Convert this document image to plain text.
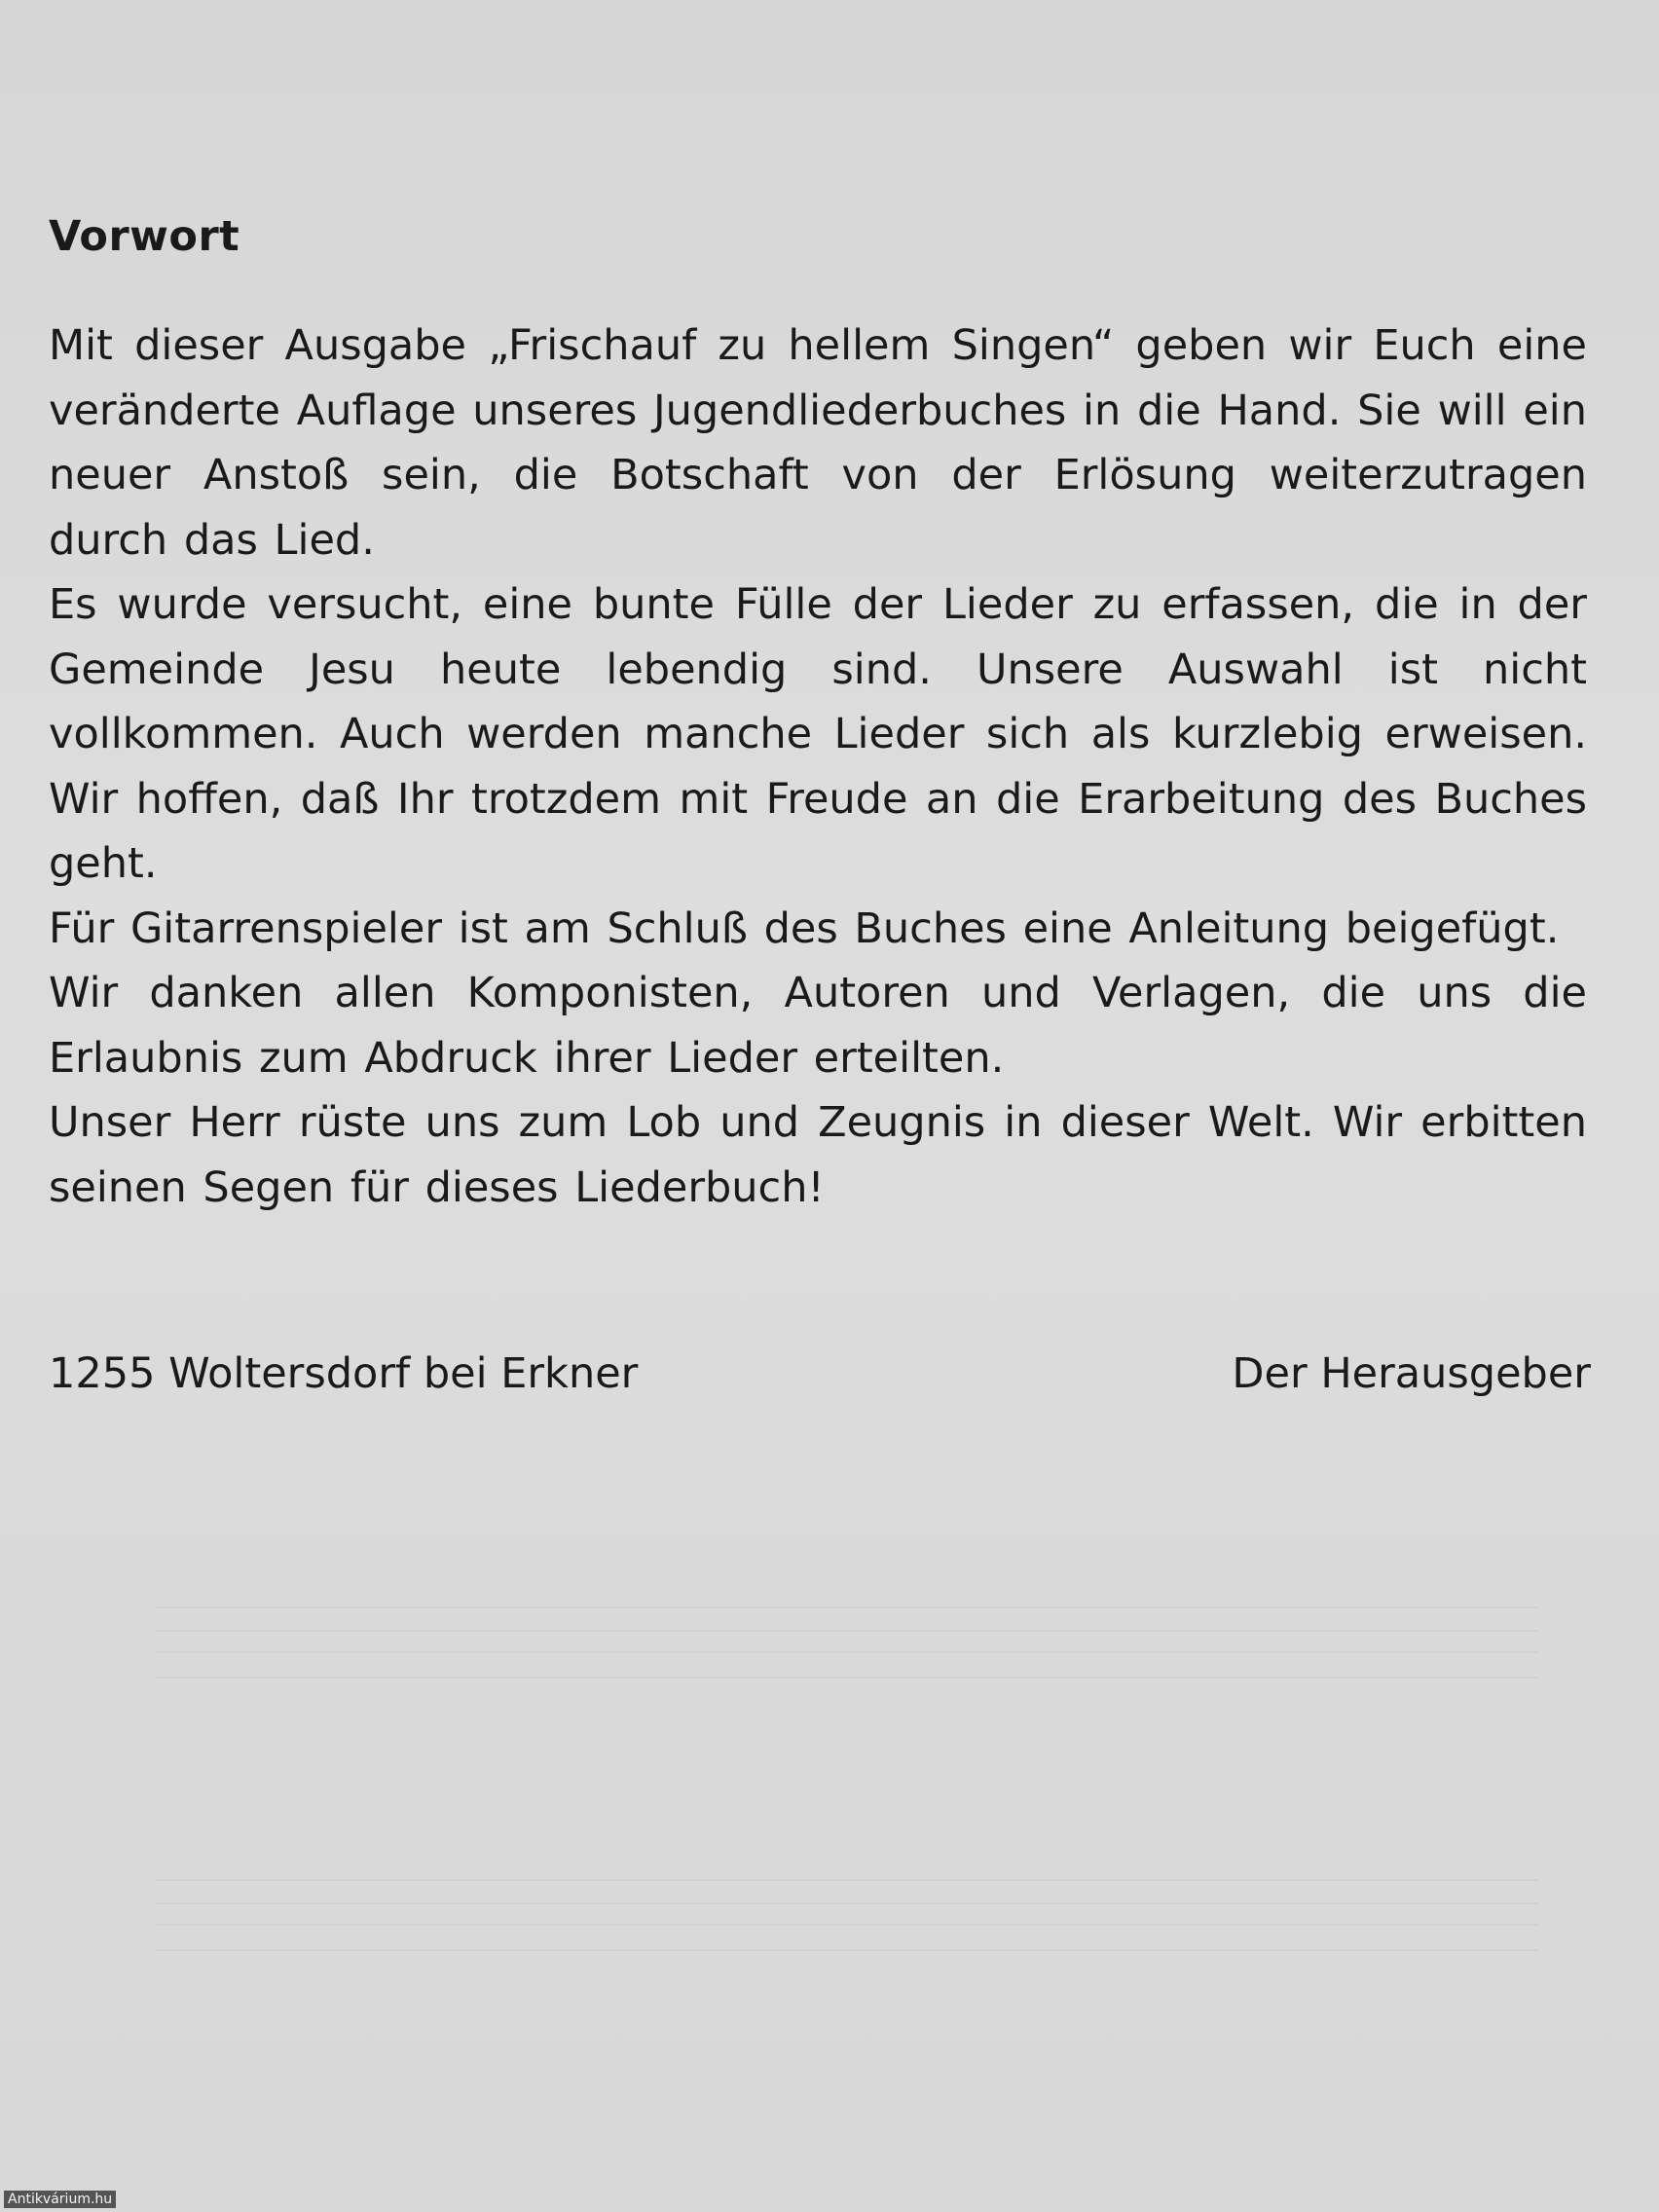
Vorwort

Mit dieser Ausgabe „Frischauf zu hellem Singen“ geben wir Euch eine veränderte Auflage unseres Jugendliederbuches in die Hand. Sie will ein neuer Anstoß sein, die Botschaft von der Erlösung weiterzutragen durch das Lied.

Es wurde versucht, eine bunte Fülle der Lieder zu erfassen, die in der Gemeinde Jesu heute lebendig sind. Unsere Auswahl ist nicht vollkommen. Auch werden manche Lieder sich als kurzlebig erweisen. Wir hoffen, daß Ihr trotzdem mit Freude an die Erarbeitung des Buches geht.

Für Gitarrenspieler ist am Schluß des Buches eine Anleitung beigefügt.

Wir danken allen Komponisten, Autoren und Verlagen, die uns die Erlaubnis zum Abdruck ihrer Lieder erteilten.

Unser Herr rüste uns zum Lob und Zeugnis in dieser Welt. Wir erbitten seinen Segen für dieses Liederbuch!

1255 Woltersdorf bei Erkner	Der Herausgeber
Antikvárium.hu
